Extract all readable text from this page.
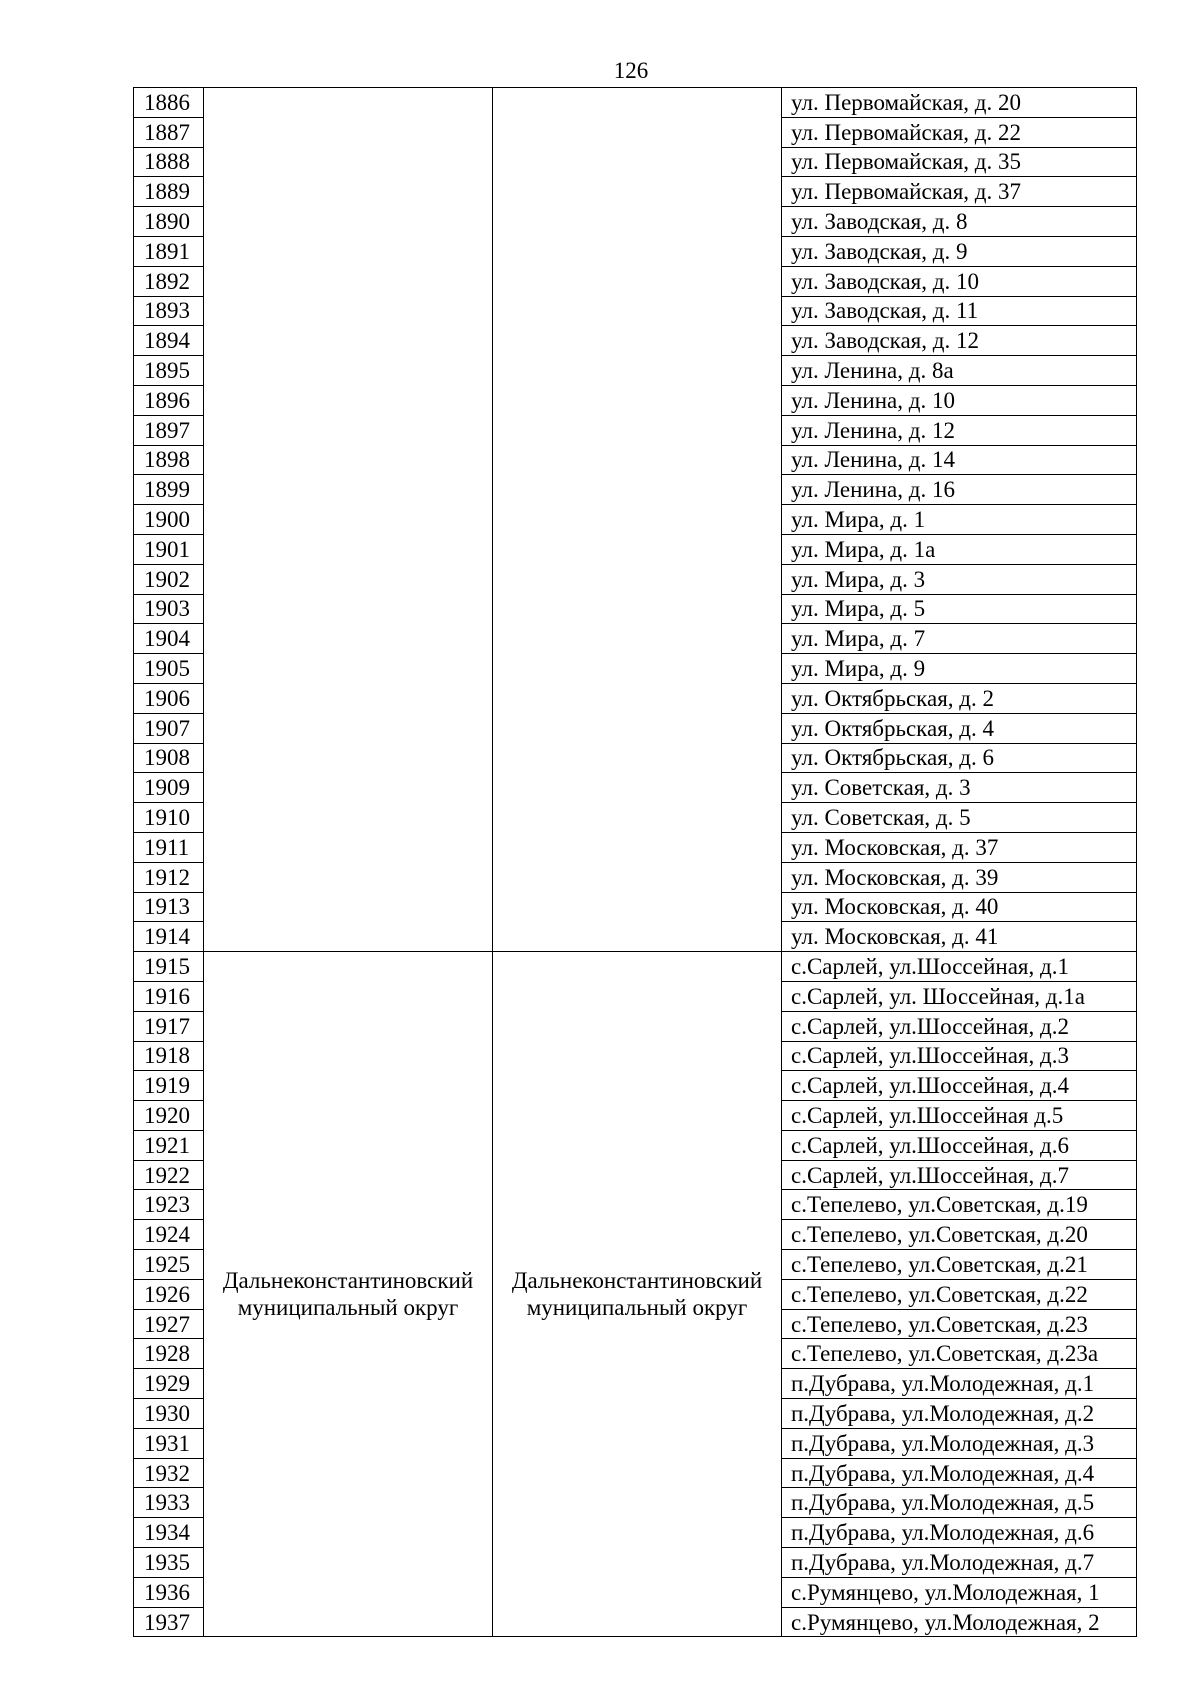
126
1886			ул. Первомайская, д. 20
1887			ул. Первомайская, д. 22
1888			ул. Первомайская, д. 35
1889			ул. Первомайская, д. 37
1890			ул. Заводская, д. 8
1891			ул. Заводская, д. 9
1892			ул. Заводская, д. 10
1893			ул. Заводская, д. 11
1894			ул. Заводская, д. 12
1895			ул. Ленина, д. 8а
1896			ул. Ленина, д. 10
1897			ул. Ленина, д. 12
1898			ул. Ленина, д. 14
1899			ул. Ленина, д. 16
1900			ул. Мира, д. 1
1901			ул. Мира, д. 1а
1902			ул. Мира, д. 3
1903			ул. Мира, д. 5
1904			ул. Мира, д. 7
1905			ул. Мира, д. 9
1906			ул. Октябрьская, д. 2
1907			ул. Октябрьская, д. 4
1908			ул. Октябрьская, д. 6
1909			ул. Советская, д. 3
1910			ул. Советская, д. 5
1911			ул. Московская, д. 37
1912			ул. Московская, д. 39
1913			ул. Московская, д. 40
1914			ул. Московская, д. 41
1915	Дальнеконстантиновский муниципальный округ	Дальнеконстантиновский муниципальный округ	с.Сарлей, ул.Шоссейная, д.1
1916			с.Сарлей, ул. Шоссейная, д.1а
1917			с.Сарлей, ул.Шоссейная, д.2
1918			с.Сарлей, ул.Шоссейная, д.3
1919			с.Сарлей, ул.Шоссейная, д.4
1920			с.Сарлей, ул.Шоссейная д.5
1921			с.Сарлей, ул.Шоссейная, д.6
1922			с.Сарлей, ул.Шоссейная, д.7
1923			с.Тепелево, ул.Советская, д.19
1924			с.Тепелево, ул.Советская, д.20
1925			с.Тепелево, ул.Советская, д.21
1926			с.Тепелево, ул.Советская, д.22
1927			с.Тепелево, ул.Советская, д.23
1928			с.Тепелево, ул.Советская, д.23а
1929			п.Дубрава, ул.Молодежная, д.1
1930			п.Дубрава, ул.Молодежная, д.2
1931			п.Дубрава, ул.Молодежная, д.3
1932			п.Дубрава, ул.Молодежная, д.4
1933			п.Дубрава, ул.Молодежная, д.5
1934			п.Дубрава, ул.Молодежная, д.6
1935			п.Дубрава, ул.Молодежная, д.7
1936			с.Румянцево, ул.Молодежная, 1
1937			с.Румянцево, ул.Молодежная, 2
